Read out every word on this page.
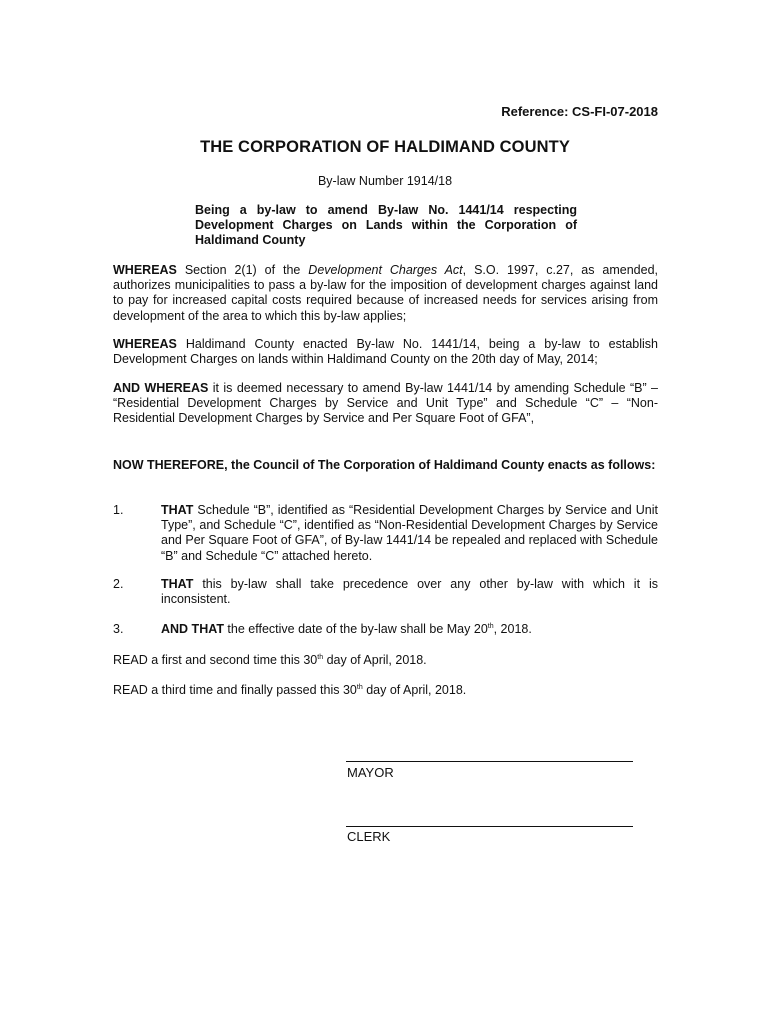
Reference: CS-FI-07-2018
THE CORPORATION OF HALDIMAND COUNTY
By-law Number 1914/18
Being a by-law to amend By-law No. 1441/14 respecting Development Charges on Lands within the Corporation of Haldimand County
WHEREAS Section 2(1) of the Development Charges Act, S.O. 1997, c.27, as amended, authorizes municipalities to pass a by-law for the imposition of development charges against land to pay for increased capital costs required because of increased needs for services arising from development of the area to which this by-law applies;
WHEREAS Haldimand County enacted By-law No. 1441/14, being a by-law to establish Development Charges on lands within Haldimand County on the 20th day of May, 2014;
AND WHEREAS it is deemed necessary to amend By-law 1441/14 by amending Schedule “B” – “Residential Development Charges by Service and Unit Type” and Schedule “C” – “Non-Residential Development Charges by Service and Per Square Foot of GFA”,
NOW THEREFORE, the Council of The Corporation of Haldimand County enacts as follows:
1.	THAT Schedule “B”, identified as “Residential Development Charges by Service and Unit Type”, and Schedule “C”, identified as “Non-Residential Development Charges by Service and Per Square Foot of GFA”, of By-law 1441/14 be repealed and replaced with Schedule “B” and Schedule “C” attached hereto.
2.	THAT this by-law shall take precedence over any other by-law with which it is inconsistent.
3.	AND THAT the effective date of the by-law shall be May 20th, 2018.
READ a first and second time this 30th day of April, 2018.
READ a third time and finally passed this 30th day of April, 2018.
MAYOR
CLERK
